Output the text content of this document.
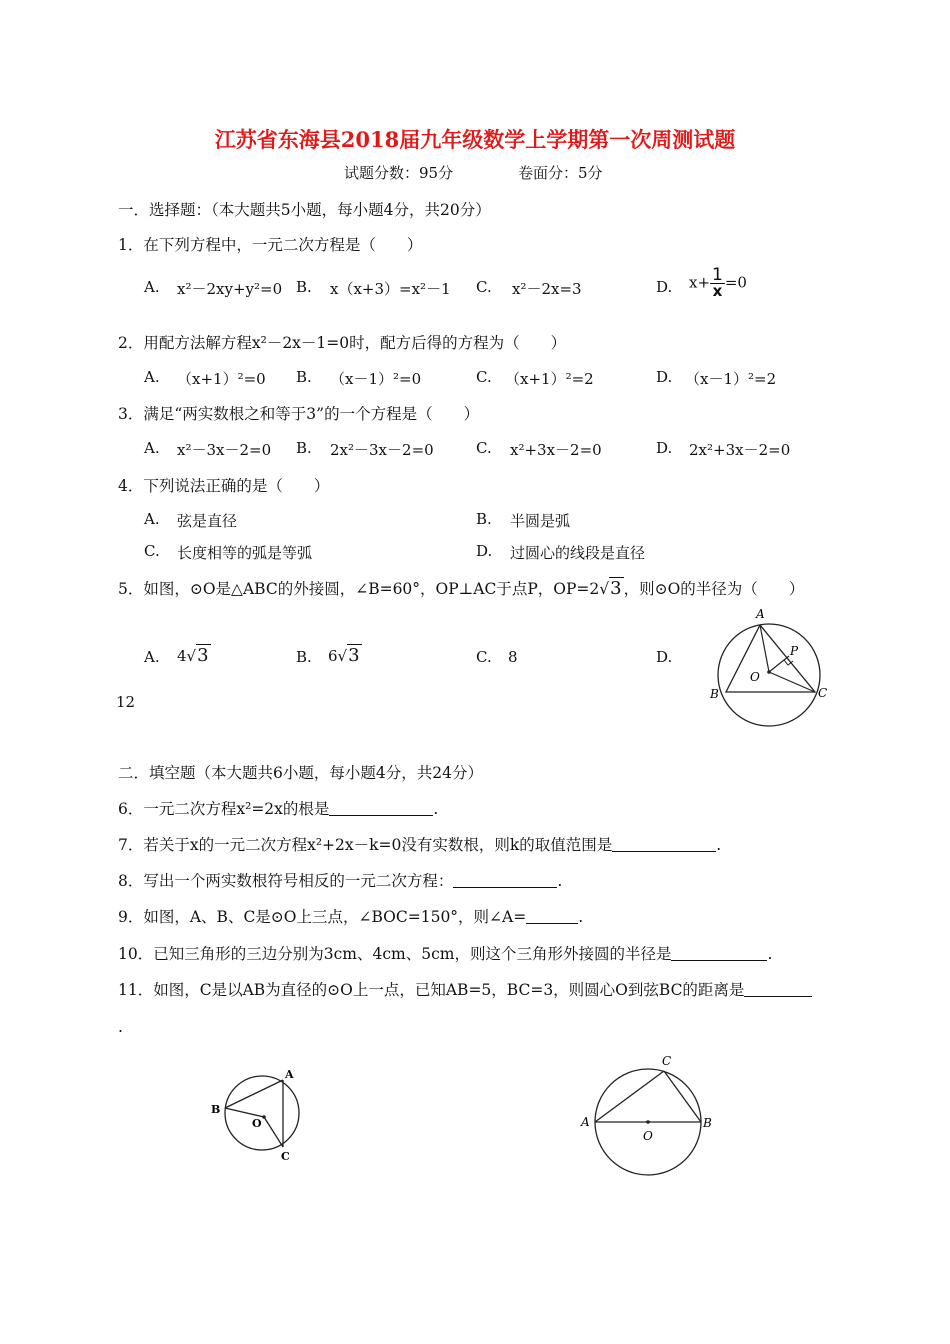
江苏省东海县2018届九年级数学上学期第一次周测试题
试题分数：95分	卷面分：5分
一．选择题：（本大题共5小题，每小题4分，共20分）
1．在下列方程中，一元二次方程是（　　）
A. x²－2xy+y²=0 B. x（x+3）=x²－1 C. x²－2x=3	D. $x+ \frac{1}{x} =0$
2．用配方法解方程x²－2x－1=0时，配方后得的方程为（　　）
A. （x+1）²=0 B. （x－1）²=0	C. （x+1）²=2	D. （x－1）²=2
3．满足“两实数根之和等于3”的一个方程是（　　）
A. x²－3x－2=0 B. 2x²－3x－2=0	C. x²+3x－2=0	D. 2x²+3x－2=0
4．下列说法正确的是（　　）
A. 弦是直径	B. 半圆是弧
C. 长度相等的弧是等弧	D. 过圆心的线段是直径
5．如图，⊙O是△ABC的外接圆，∠B=60°，OP⊥AC于点P，OP=2√3 ，则⊙O的半径为（　　）
A. 4√3	B. 6√3	C. 8	D.
12
A
B	C
O
P
二．填空题（本大题共6小题，每小题4分，共24分）
6．一元二次方程x²=2x的根是	.
7．若关于x的一元二次方程x²+2x－k=0没有实数根，则k的取值范围是	.
8．写出一个两实数根符号相反的一元二次方程：	.
9．如图，A、B、C是⊙O上三点，∠BOC=150°，则∠A=	.
10．已知三角形的三边分别为3cm、4cm、5cm，则这个三角形外接圆的半径是	.
11．如图，C是以AB为直径的⊙O上一点，已知AB=5，BC=3，则圆心O到弦BC的距离是
.
A
B
C
O	A	B
C
O
